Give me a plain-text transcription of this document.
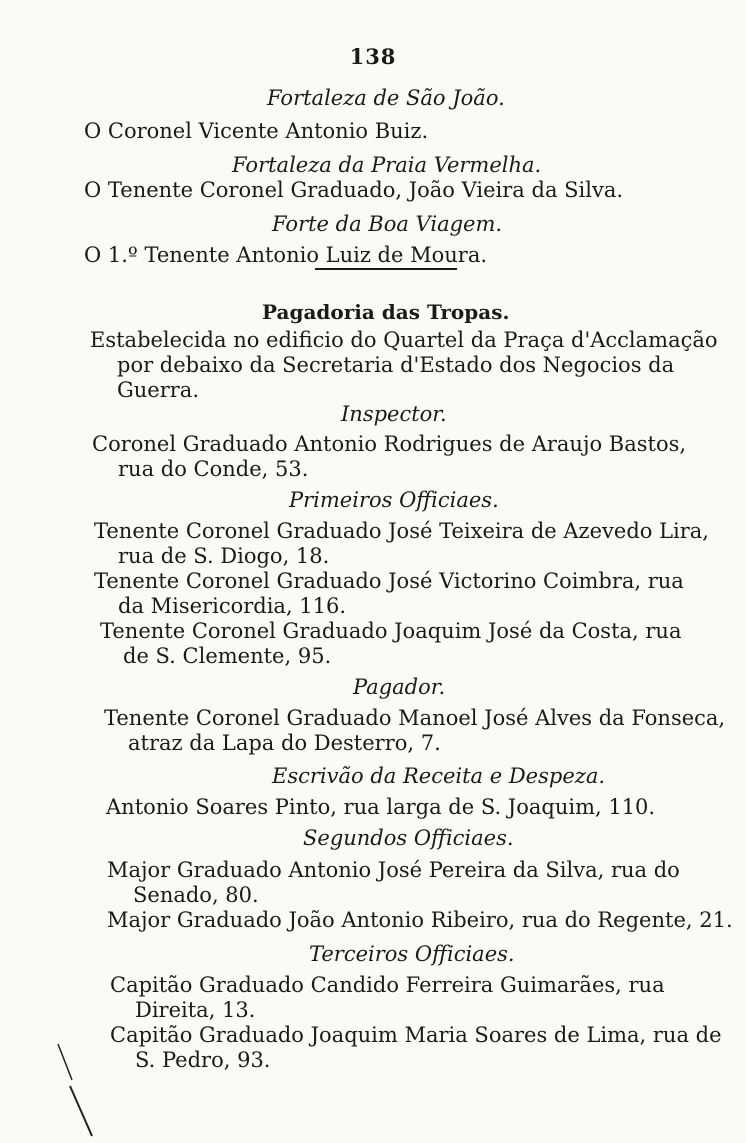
138
Fortaleza de São João.
O Coronel Vicente Antonio Buiz.
Fortaleza da Praia Vermelha.
O Tenente Coronel Graduado, João Vieira da Silva.
Forte da Boa Viagem.
O 1.º Tenente Antonio Luiz de Moura.
Pagadoria das Tropas.
Estabelecida no edificio do Quartel da Praça d'Acclamação
por debaixo da Secretaria d'Estado dos Negocios da
Guerra.
Inspector.
Coronel Graduado Antonio Rodrigues de Araujo Bastos,
rua do Conde, 53.
Primeiros Officiaes.
Tenente Coronel Graduado José Teixeira de Azevedo Lira,
rua de S. Diogo, 18.
Tenente Coronel Graduado José Victorino Coimbra, rua
da Misericordia, 116.
Tenente Coronel Graduado Joaquim José da Costa, rua
de S. Clemente, 95.
Pagador.
Tenente Coronel Graduado Manoel José Alves da Fonseca,
atraz da Lapa do Desterro, 7.
Escrivão da Receita e Despeza.
Antonio Soares Pinto, rua larga de S. Joaquim, 110.
Segundos Officiaes.
Major Graduado Antonio José Pereira da Silva, rua do
Senado, 80.
Major Graduado João Antonio Ribeiro, rua do Regente, 21.
Terceiros Officiaes.
Capitão Graduado Candido Ferreira Guimarães, rua
Direita, 13.
Capitão Graduado Joaquim Maria Soares de Lima, rua de
S. Pedro, 93.
